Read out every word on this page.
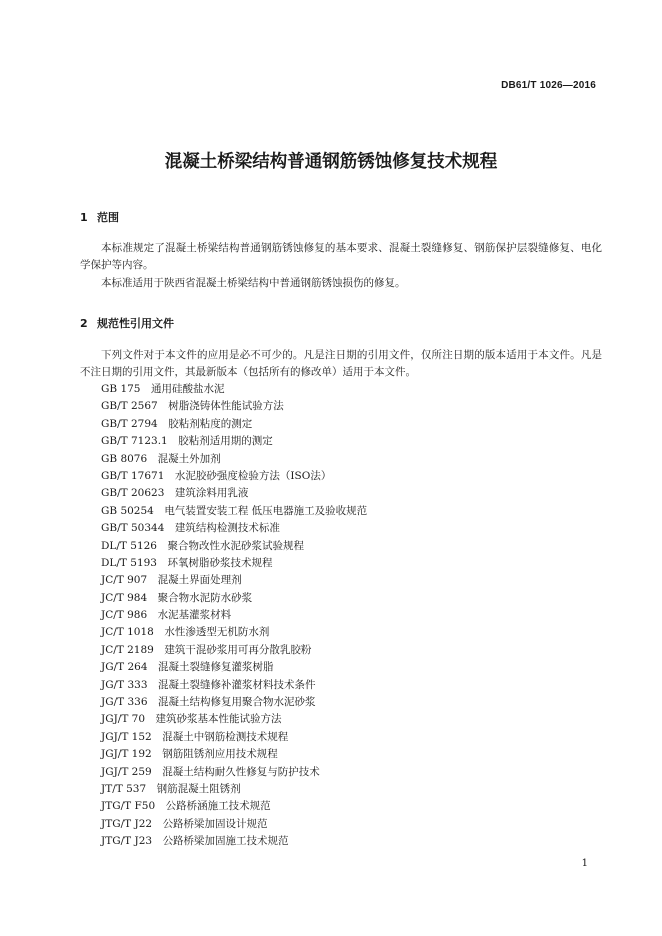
DB61/T 1026—2016
混凝土桥梁结构普通钢筋锈蚀修复技术规程
1 范围

本标准规定了混凝土桥梁结构普通钢筋锈蚀修复的基本要求、混凝土裂缝修复、钢筋保护层裂缝修复、电化学保护等内容。

本标准适用于陕西省混凝土桥梁结构中普通钢筋锈蚀损伤的修复。

2 规范性引用文件

下列文件对于本文件的应用是必不可少的。凡是注日期的引用文件，仅所注日期的版本适用于本文件。凡是不注日期的引用文件，其最新版本（包括所有的修改单）适用于本文件。

GB 175  通用硅酸盐水泥
GB/T 2567  树脂浇铸体性能试验方法
GB/T 2794  胶粘剂粘度的测定
GB/T 7123.1  胶粘剂适用期的测定
GB 8076  混凝土外加剂
GB/T 17671  水泥胶砂强度检验方法（ISO法）
GB/T 20623  建筑涂料用乳液
GB 50254  电气装置安装工程 低压电器施工及验收规范
GB/T 50344  建筑结构检测技术标准
DL/T 5126  聚合物改性水泥砂浆试验规程
DL/T 5193  环氧树脂砂浆技术规程
JC/T 907  混凝土界面处理剂
JC/T 984  聚合物水泥防水砂浆
JC/T 986  水泥基灌浆材料
JC/T 1018  水性渗透型无机防水剂
JC/T 2189  建筑干混砂浆用可再分散乳胶粉
JG/T 264  混凝土裂缝修复灌浆树脂
JG/T 333  混凝土裂缝修补灌浆材料技术条件
JG/T 336  混凝土结构修复用聚合物水泥砂浆
JGJ/T 70  建筑砂浆基本性能试验方法
JGJ/T 152  混凝土中钢筋检测技术规程
JGJ/T 192  钢筋阻锈剂应用技术规程
JGJ/T 259  混凝土结构耐久性修复与防护技术
JT/T 537  钢筋混凝土阻锈剂
JTG/T F50  公路桥涵施工技术规范
JTG/T J22  公路桥梁加固设计规范
JTG/T J23  公路桥梁加固施工技术规范
1
